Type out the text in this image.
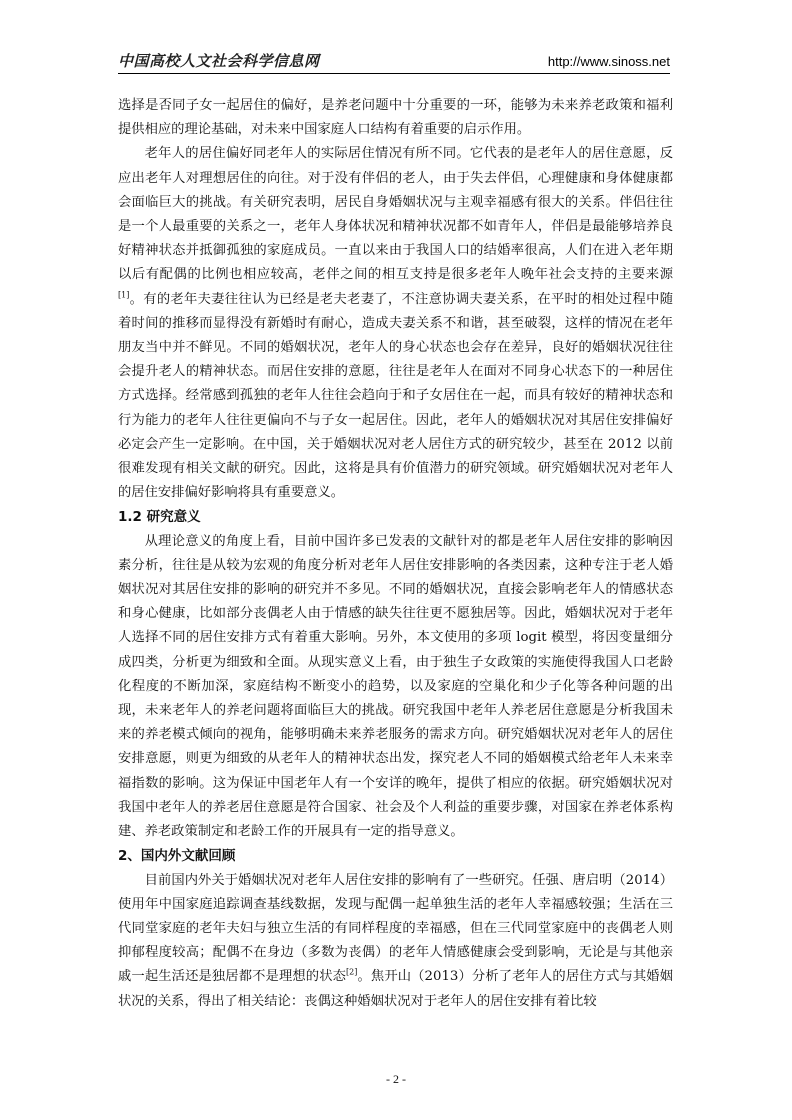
中国高校人文社会科学信息网	http://www.sinoss.net

选择是否同子女一起居住的偏好，是养老问题中十分重要的一环，能够为未来养老政策和福利提供相应的理论基础，对未来中国家庭人口结构有着重要的启示作用。

老年人的居住偏好同老年人的实际居住情况有所不同。它代表的是老年人的居住意愿，反应出老年人对理想居住的向往。对于没有伴侣的老人，由于失去伴侣，心理健康和身体健康都会面临巨大的挑战。有关研究表明，居民自身婚姻状况与主观幸福感有很大的关系。伴侣往往是一个人最重要的关系之一，老年人身体状况和精神状况都不如青年人，伴侣是最能够培养良好精神状态并抵御孤独的家庭成员。一直以来由于我国人口的结婚率很高，人们在进入老年期以后有配偶的比例也相应较高，老伴之间的相互支持是很多老年人晚年社会支持的主要来源[1]。有的老年夫妻往往认为已经是老夫老妻了，不注意协调夫妻关系，在平时的相处过程中随着时间的推移而显得没有新婚时有耐心，造成夫妻关系不和谐，甚至破裂，这样的情况在老年朋友当中并不鲜见。不同的婚姻状况，老年人的身心状态也会存在差异，良好的婚姻状况往往会提升老人的精神状态。而居住安排的意愿，往往是老年人在面对不同身心状态下的一种居住方式选择。经常感到孤独的老年人往往会趋向于和子女居住在一起，而具有较好的精神状态和行为能力的老年人往往更偏向不与子女一起居住。因此，老年人的婚姻状况对其居住安排偏好必定会产生一定影响。在中国，关于婚姻状况对老人居住方式的研究较少，甚至在 2012 以前很难发现有相关文献的研究。因此，这将是具有价值潜力的研究领域。研究婚姻状况对老年人的居住安排偏好影响将具有重要意义。

1.2 研究意义

从理论意义的角度上看，目前中国许多已发表的文献针对的都是老年人居住安排的影响因素分析，往往是从较为宏观的角度分析对老年人居住安排影响的各类因素，这种专注于老人婚姻状况对其居住安排的影响的研究并不多见。不同的婚姻状况，直接会影响老年人的情感状态和身心健康，比如部分丧偶老人由于情感的缺失往往更不愿独居等。因此，婚姻状况对于老年人选择不同的居住安排方式有着重大影响。另外，本文使用的多项 logit 模型，将因变量细分成四类，分析更为细致和全面。从现实意义上看，由于独生子女政策的实施使得我国人口老龄化程度的不断加深，家庭结构不断变小的趋势，以及家庭的空巢化和少子化等各种问题的出现，未来老年人的养老问题将面临巨大的挑战。研究我国中老年人养老居住意愿是分析我国未来的养老模式倾向的视角，能够明确未来养老服务的需求方向。研究婚姻状况对老年人的居住安排意愿，则更为细致的从老年人的精神状态出发，探究老人不同的婚姻模式给老年人未来幸福指数的影响。这为保证中国老年人有一个安详的晚年，提供了相应的依据。研究婚姻状况对我国中老年人的养老居住意愿是符合国家、社会及个人利益的重要步骤，对国家在养老体系构建、养老政策制定和老龄工作的开展具有一定的指导意义。

2、国内外文献回顾

目前国内外关于婚姻状况对老年人居住安排的影响有了一些研究。任强、唐启明（2014）使用年中国家庭追踪调查基线数据，发现与配偶一起单独生活的老年人幸福感较强；生活在三代同堂家庭的老年夫妇与独立生活的有同样程度的幸福感，但在三代同堂家庭中的丧偶老人则抑郁程度较高；配偶不在身边（多数为丧偶）的老年人情感健康会受到影响，无论是与其他亲戚一起生活还是独居都不是理想的状态[2]。焦开山（2013）分析了老年人的居住方式与其婚姻状况的关系，得出了相关结论：丧偶这种婚姻状况对于老年人的居住安排有着比较

- 2 -
